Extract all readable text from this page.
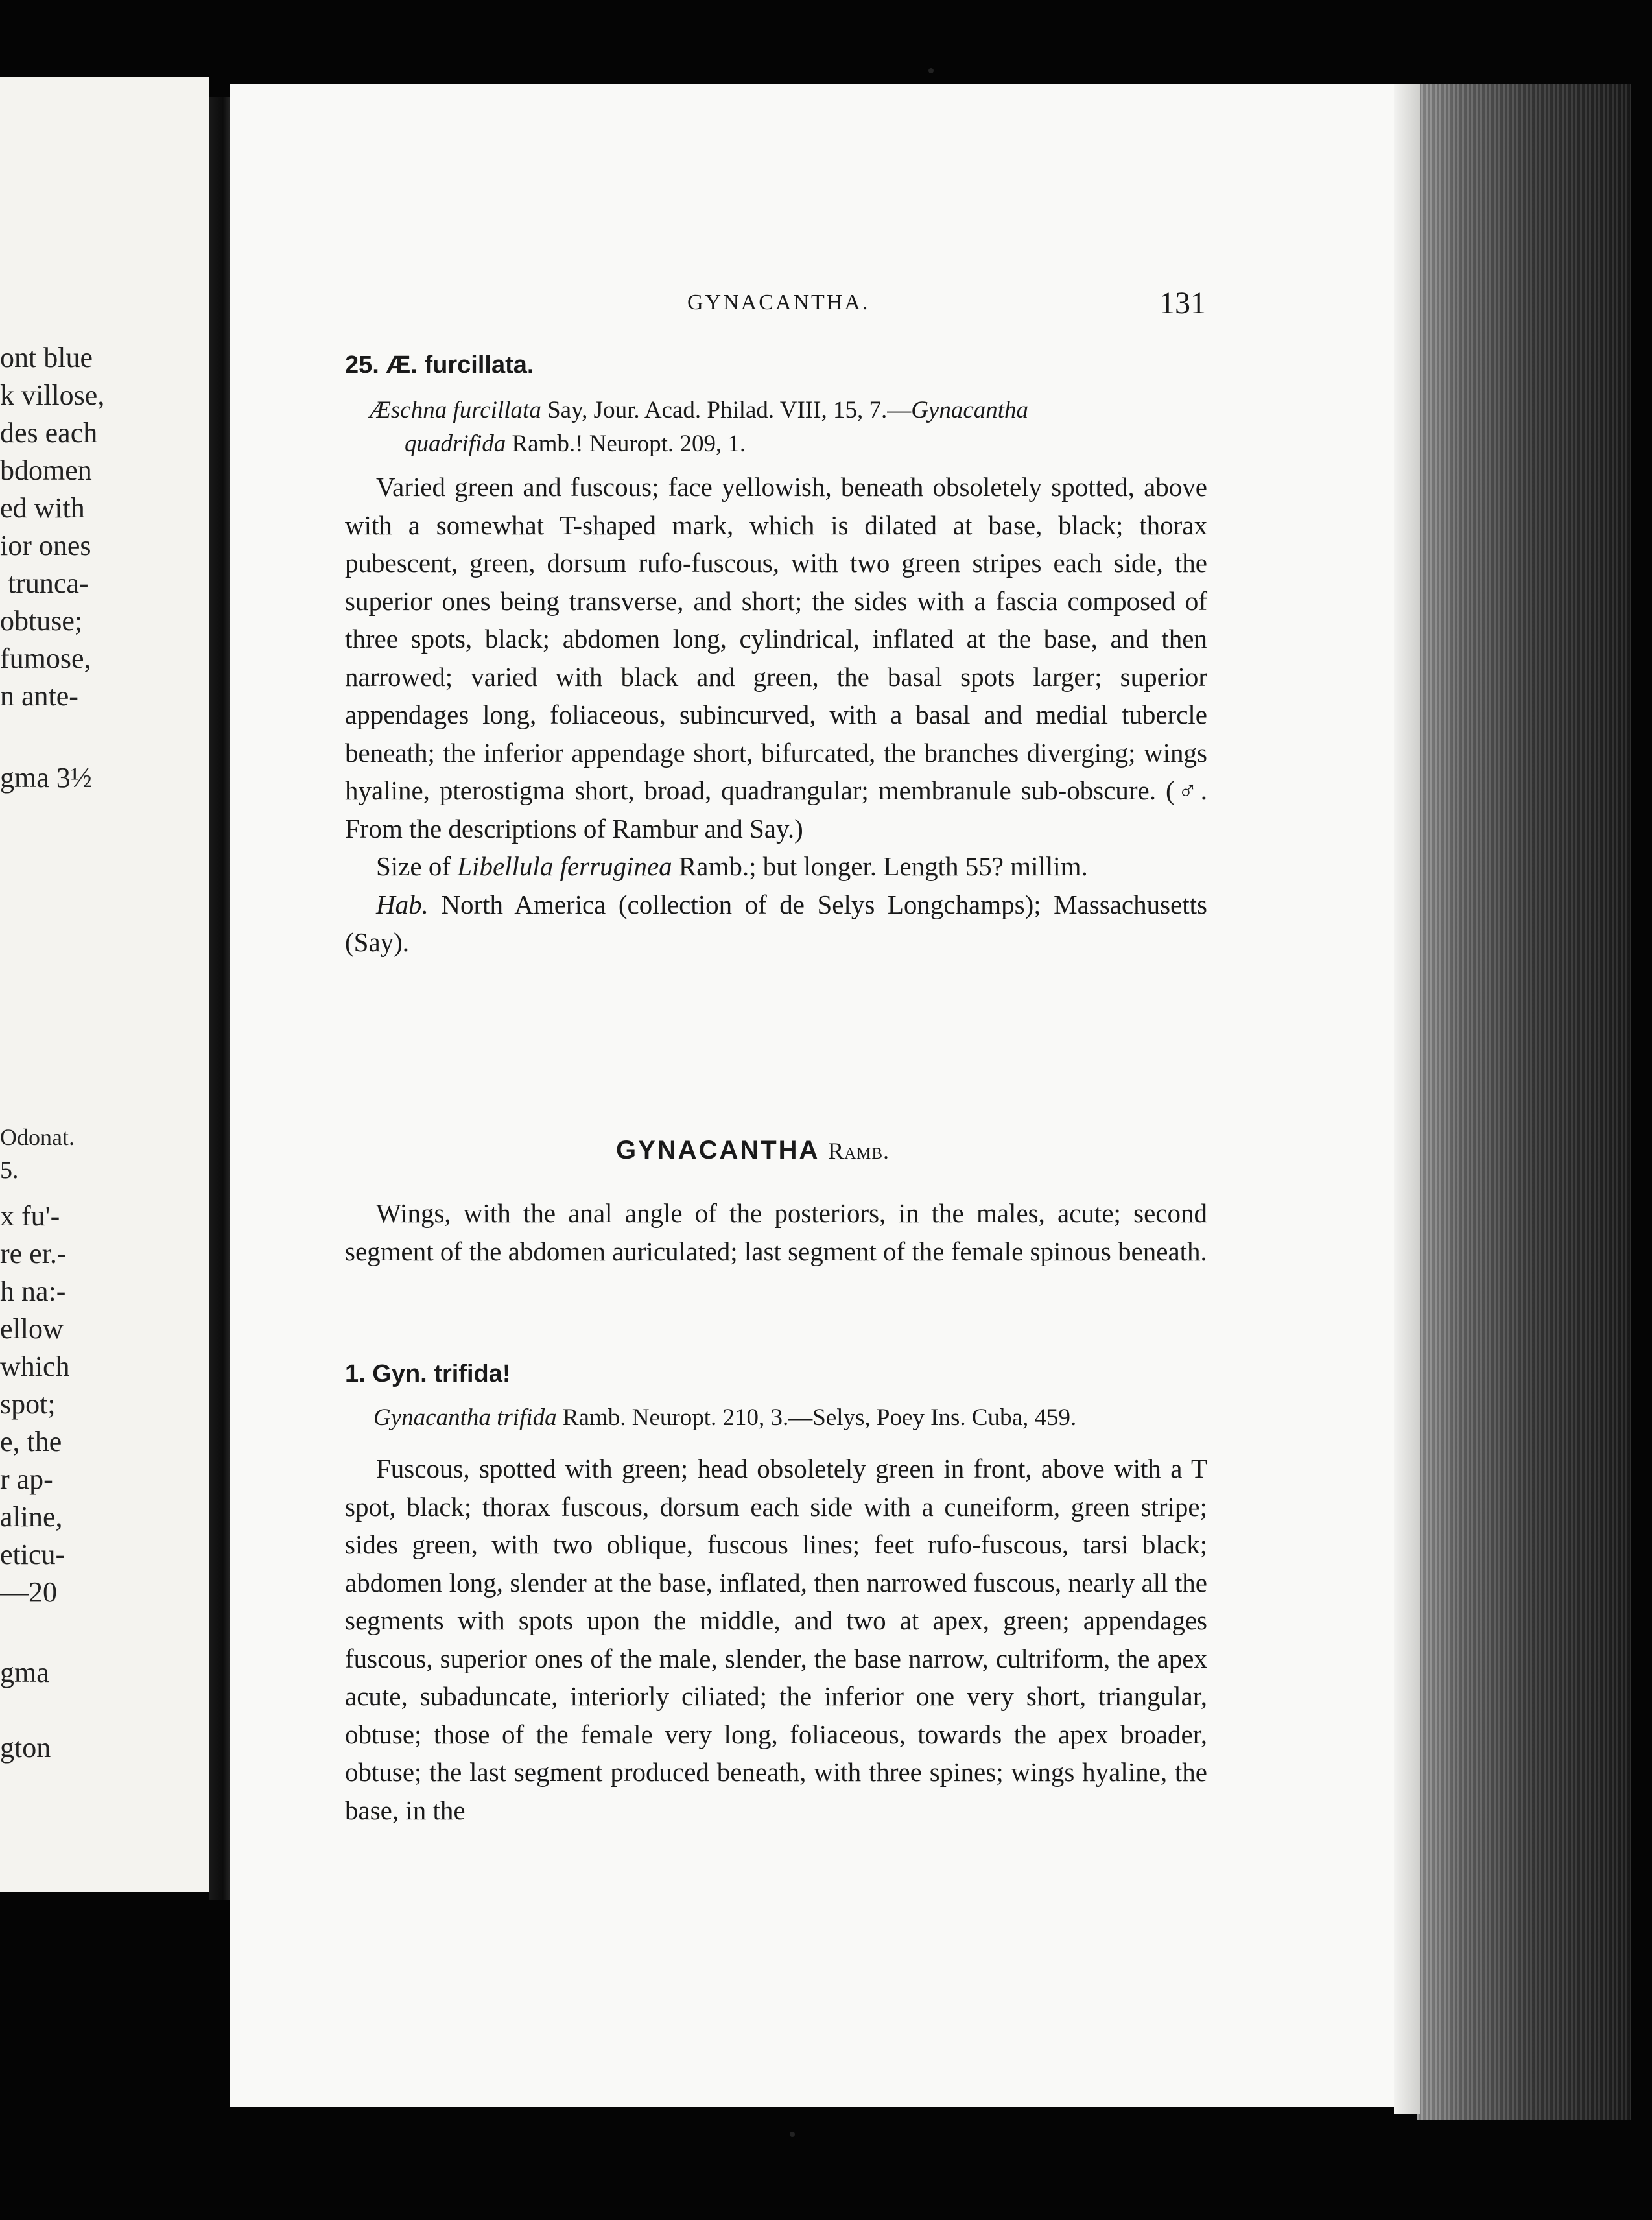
ont blue
k villose,
des each
bdomen
ed with
ior ones
trunca-
obtuse;
fumose,
n ante-
gma 3½
Odonat.
5.
x fu'-
re er.-
h na:-
ellow
which
spot;
e, the
r ap-
aline,
eticu-
—20
gma
gton
GYNACANTHA.	131
25. Æ. furcillata.
Æschna furcillata Say, Jour. Acad. Philad. VIII, 15, 7.—Gynacantha
quadrifida Ramb.! Neuropt. 209, 1.

Varied green and fuscous; face yellowish, beneath obsoletely spotted, above with a somewhat T-shaped mark, which is dilated at base, black; thorax pubescent, green, dorsum rufo-fuscous, with two green stripes each side, the superior ones being transverse, and short; the sides with a fascia composed of three spots, black; abdomen long, cylindrical, inflated at the base, and then narrowed; varied with black and green, the basal spots larger; superior appendages long, foliaceous, subincurved, with a basal and medial tubercle beneath; the inferior appendage short, bifurcated, the branches diverging; wings hyaline, pterostigma short, broad, quadrangular; membranule sub-obscure. (♂. From the descriptions of Rambur and Say.)

Size of Libellula ferruginea Ramb.; but longer. Length 55? millim.

Hab. North America (collection of de Selys Longchamps); Massachusetts (Say).

GYNACANTHA Ramb.

Wings, with the anal angle of the posteriors, in the males, acute; second segment of the abdomen auriculated; last segment of the female spinous beneath.

1. Gyn. trifida!
Gynacantha trifida Ramb. Neuropt. 210, 3.—Selys, Poey Ins. Cuba, 459.

Fuscous, spotted with green; head obsoletely green in front, above with a T spot, black; thorax fuscous, dorsum each side with a cuneiform, green stripe; sides green, with two oblique, fuscous lines; feet rufo-fuscous, tarsi black; abdomen long, slender at the base, inflated, then narrowed fuscous, nearly all the segments with spots upon the middle, and two at apex, green; appendages fuscous, superior ones of the male, slender, the base narrow, cultriform, the apex acute, subaduncate, interiorly ciliated; the inferior one very short, triangular, obtuse; those of the female very long, foliaceous, towards the apex broader, obtuse; the last segment produced beneath, with three spines; wings hyaline, the base, in the
